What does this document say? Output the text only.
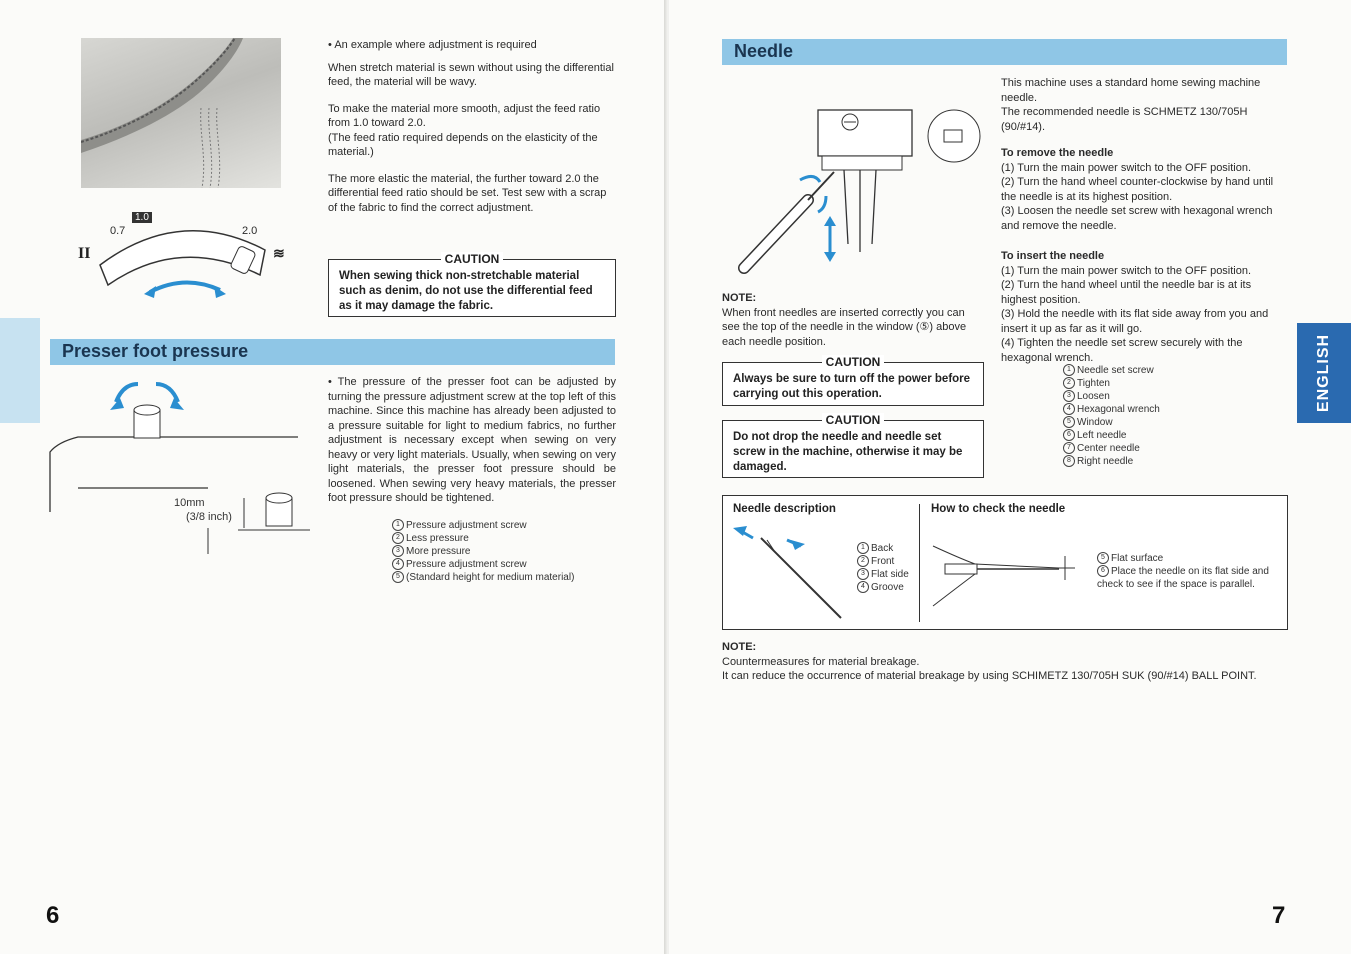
II	≋
0.7
1.0
2.0
• An example where adjustment is required

When stretch material is sewn without using the differential feed, the material will be wavy.

To make the material more smooth, adjust the feed ratio from 1.0 toward 2.0.

(The feed ratio required depends on the elasticity of the material.)

The more elastic the material, the further toward 2.0 the differential feed ratio should be set. Test sew with a scrap of the fabric to find the correct adjustment.

CAUTION
When sewing thick non-stretchable material such as denim, do not use the differential feed as it may damage the fabric.
Presser foot pressure
10mm
(3/8 inch)

• The pressure of the presser foot can be adjusted by turning the pressure adjustment screw at the top left of this machine. Since this machine has already been adjusted to a pressure suitable for light to medium fabrics, no further adjustment is necessary except when sewing on very heavy or very light materials. Usually, when sewing on very light materials, the presser foot pressure should be loosened. When sewing very heavy materials, the presser foot pressure should be tightened.

1 Pressure adjustment screw
2 Less pressure
3 More pressure
4 Pressure adjustment screw
5 (Standard height for medium material)
6
Needle

This machine uses a standard home sewing machine needle.

The recommended needle is SCHMETZ 130/705H (90/#14).

To remove the needle
(1) Turn the main power switch to the OFF position.
(2) Turn the hand wheel counter-clockwise by hand until the needle is at its highest position.
(3) Loosen the needle set screw with hexagonal wrench and remove the needle.
To insert the needle
(1) Turn the main power switch to the OFF position.
(2) Turn the hand wheel until the needle bar is at its highest position.
(3) Hold the needle with its flat side away from you and insert it up as far as it will go.
(4) Tighten the needle set screw securely with the hexagonal wrench.
1 Needle set screw
2 Tighten
3 Loosen
4 Hexagonal wrench
5 Window
6 Left needle
7 Center needle
8 Right needle
NOTE:
When front needles are inserted correctly you can see the top of the needle in the window (⑤) above each needle position.
CAUTION
Always be sure to turn off the power before carrying out this operation.
CAUTION
Do not drop the needle and needle set screw in the machine, otherwise it may be damaged.
Needle description	How to check the needle
1 Back
2 Front
3 Flat side
4 Groove
5 Flat surface
6 Place the needle on its flat side and check to see if the space is parallel.
NOTE:
Countermeasures for material breakage.
It can reduce the occurrence of material breakage by using SCHIMETZ 130/705H SUK (90/#14) BALL POINT.
ENGLISH
7
